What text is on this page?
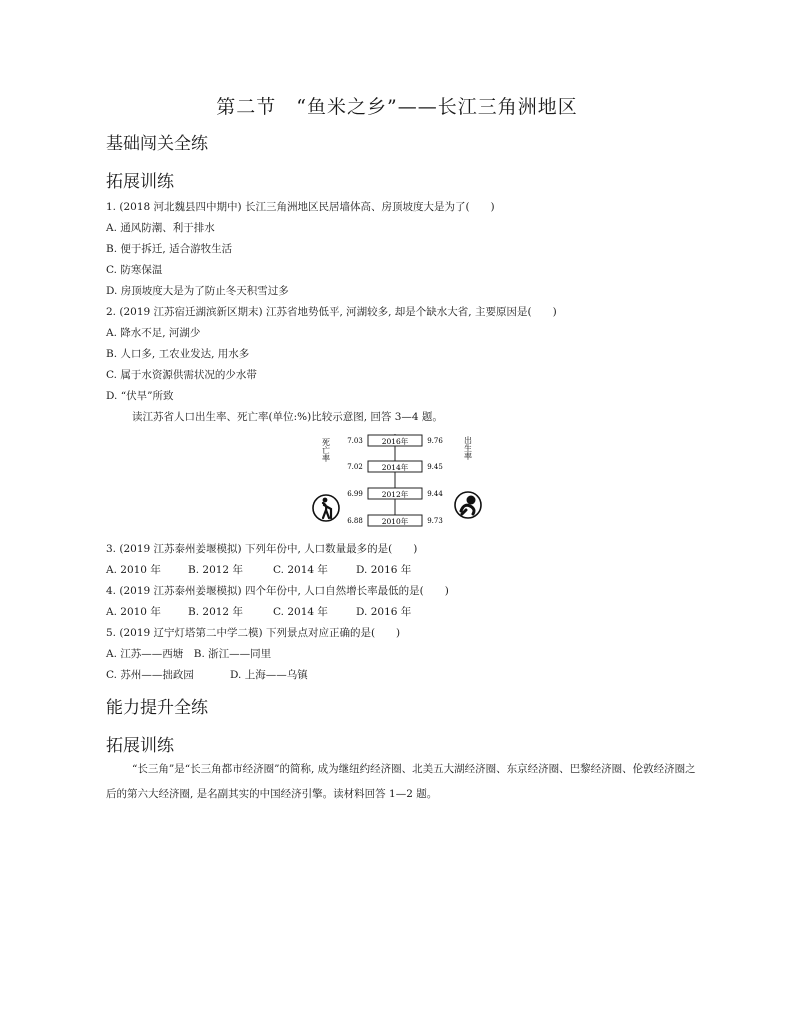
第二节　“鱼米之乡”——长江三角洲地区
基础闯关全练
拓展训练
1. (2018 河北魏县四中期中) 长江三角洲地区民居墙体高、房顶坡度大是为了(　　)
A. 通风防潮、利于排水
B. 便于拆迁, 适合游牧生活
C. 防寒保温
D. 房顶坡度大是为了防止冬天积雪过多
2. (2019 江苏宿迁湖滨新区期末) 江苏省地势低平, 河湖较多, 却是个缺水大省, 主要原因是(　　)
A. 降水不足, 河湖少
B. 人口多, 工农业发达, 用水多
C. 属于水资源供需状况的少水带
D. “伏旱”所致
读江苏省人口出生率、死亡率(单位:%)比较示意图, 回答 3—4 题。
2016年
7.03	9.76
2014年
7.02	9.45
2012年
6.99	9.44
2010年
6.88	9.73
死亡率	出生率
3. (2019 江苏泰州姜堰模拟) 下列年份中, 人口数量最多的是(　　)
A. 2010 年	B. 2012 年	C. 2014 年	D. 2016 年
4. (2019 江苏泰州姜堰模拟) 四个年份中, 人口自然增长率最低的是(　　)
A. 2010 年	B. 2012 年	C. 2014 年	D. 2016 年
5. (2019 辽宁灯塔第二中学二模) 下列景点对应正确的是(　　)
A. 江苏——西塘　B. 浙江——同里
C. 苏州——拙政园	D. 上海——乌镇
能力提升全练
拓展训练
“长三角”是“长三角都市经济圈”的简称, 成为继纽约经济圈、北美五大湖经济圈、东京经济圈、巴黎经济圈、伦敦经济圈之后的第六大经济圈, 是名副其实的中国经济引擎。读材料回答 1—2 题。
